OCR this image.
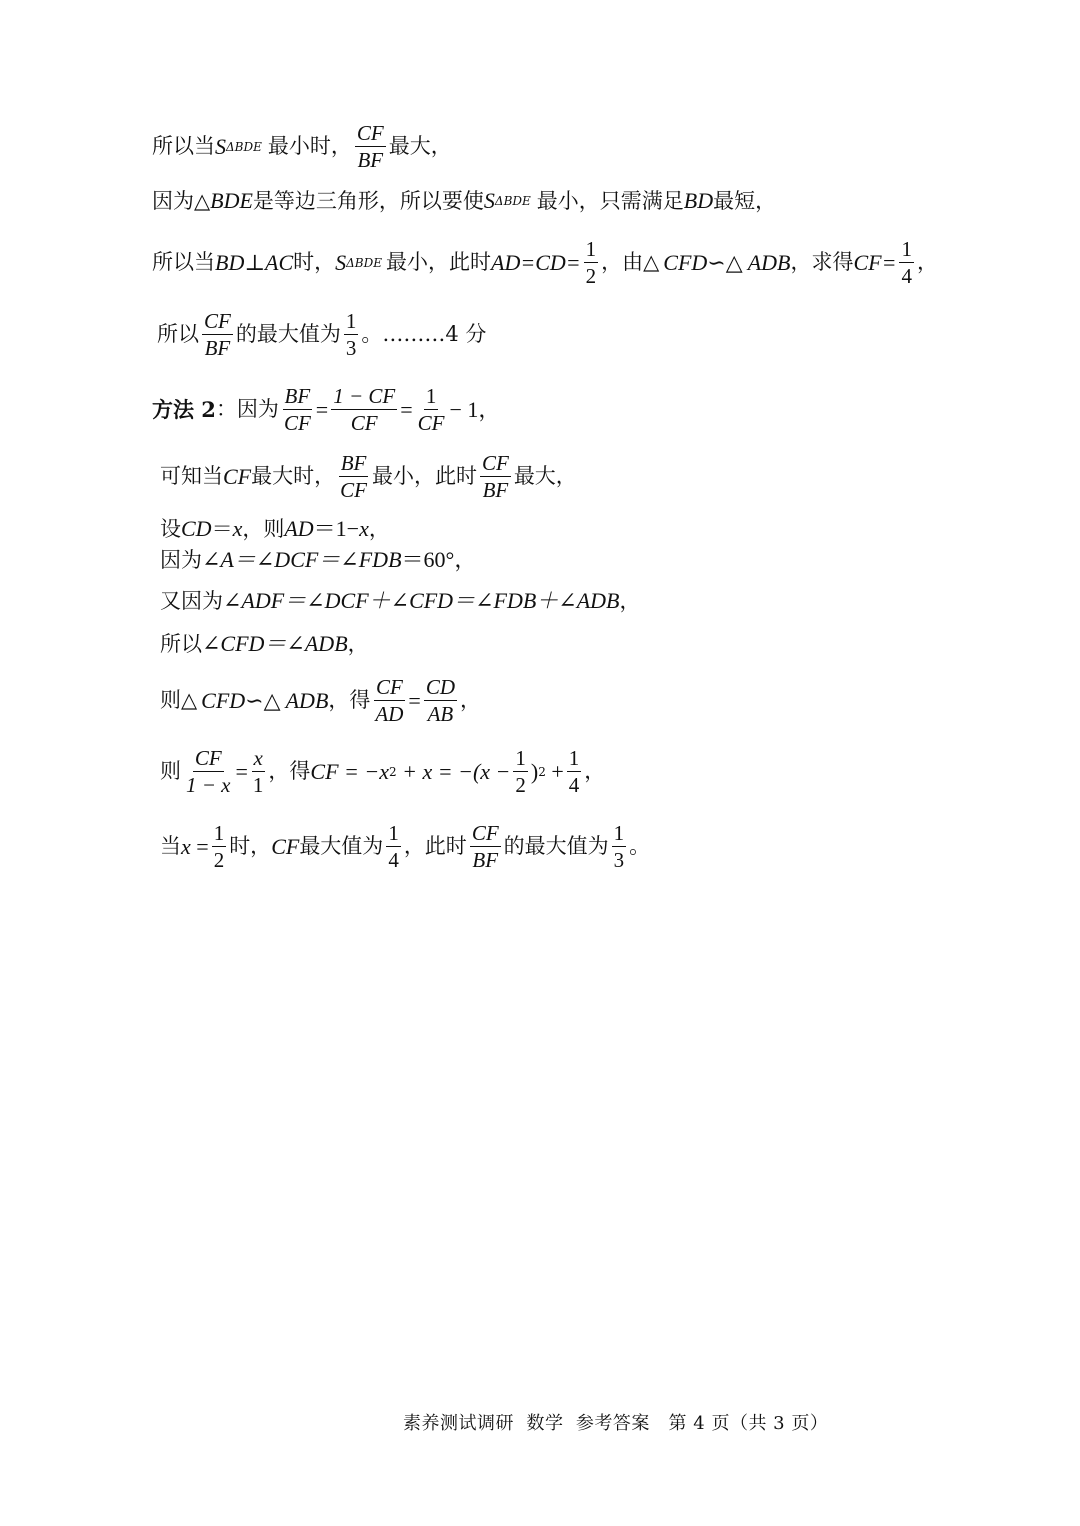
所以当 S ΔBDE 最小时， $\frac{CF}{BF}$ 最大，
因为△ BDE 是等边三角形，所以要使 S ΔBDE 最小，只需满足 BD 最短，
所以当 BD⊥AC 时， S ΔBDE 最小，此时 $AD=CD= \frac{1}{2}$ ，由△ CFD∽△ ADB ，求得 $CF= \frac{1}{4}$ ，
所以 $\frac{CF}{BF}$ 的最大值为 $\frac{1}{3}$ 。………4 分
方法 2 ：因为 $\frac{BF}{CF} = \frac{1 - CF}{CF} = \frac{1}{CF} - 1$，
可知当 CF 最大时， $\frac{BF}{CF}$ 最小，此时 $\frac{CF}{BF}$ 最大，
设 CD ＝ x ，则 AD ＝1− x ，
因为 ∠A＝∠DCF＝∠FDB ＝60°，
又因为 ∠ADF＝∠DCF＋∠CFD＝∠FDB＋∠ADB ，
所以 ∠CFD＝∠ADB ，
则△ CFD∽△ ADB ，得 $\frac{CF}{AD} = \frac{CD}{AB}$ ，
则 $\frac{CF}{1 - x} = \frac{x}{1}$ ，得 CF = −x $2 + x = -(x - \frac{1}{2}$ ) $2 + \frac{1}{4}$ ，
当 $x = \frac{1}{2}$ 时， CF 最大值为 $\frac{1}{4}$ ，此时 $\frac{CF}{BF}$ 的最大值为 $\frac{1}{3}$ 。
素养测试调研  数学  参考答案   第 4 页（共 3 页）
